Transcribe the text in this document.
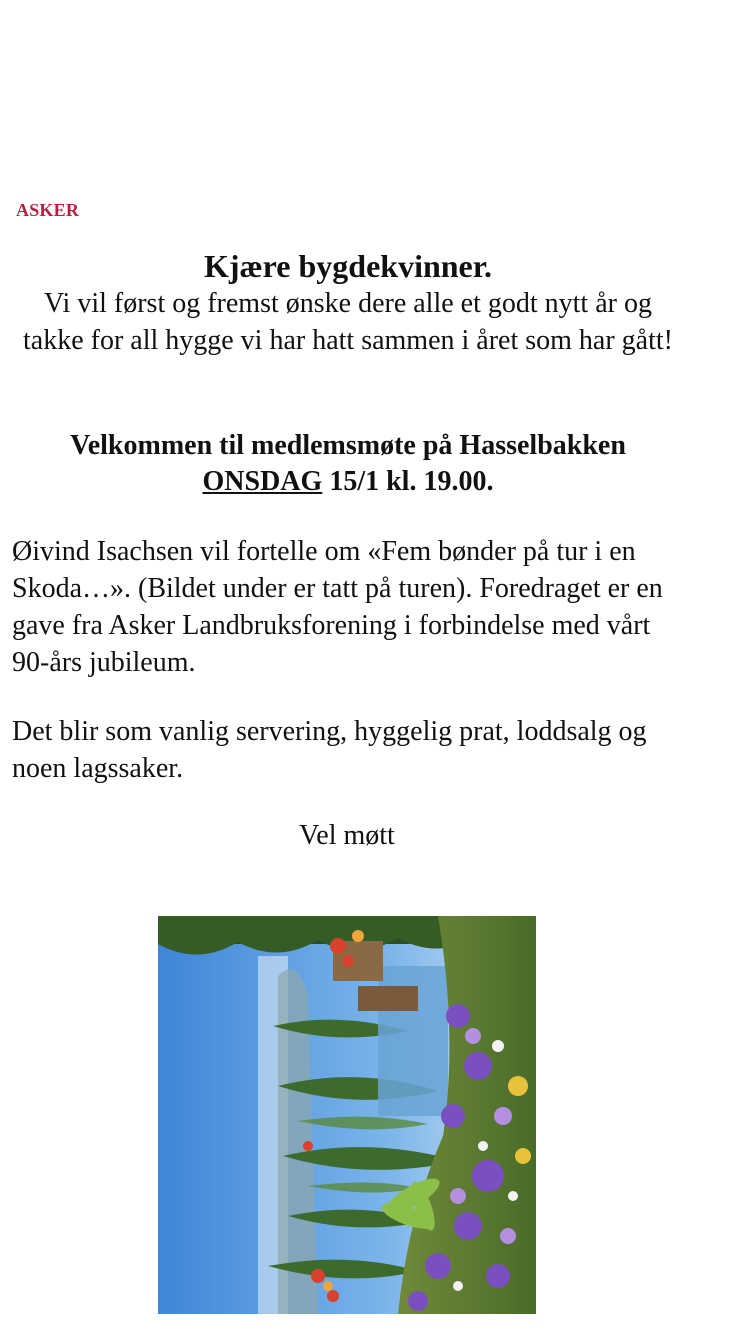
ASKER
Kjære bygdekvinner.
Vi vil først og fremst ønske dere alle et godt nytt år og takke for all hygge vi har hatt sammen i året som har gått!
Velkommen til medlemsmøte på Hasselbakken
ONSDAG 15/1 kl. 19.00.
Øivind Isachsen vil fortelle om «Fem bønder på tur i en Skoda…». (Bildet under er tatt på turen). Foredraget er en gave fra Asker Landbruksforening i forbindelse med vårt 90-års jubileum.
Det blir som vanlig servering, hyggelig prat, loddsalg og noen lagssaker.
Vel møtt
